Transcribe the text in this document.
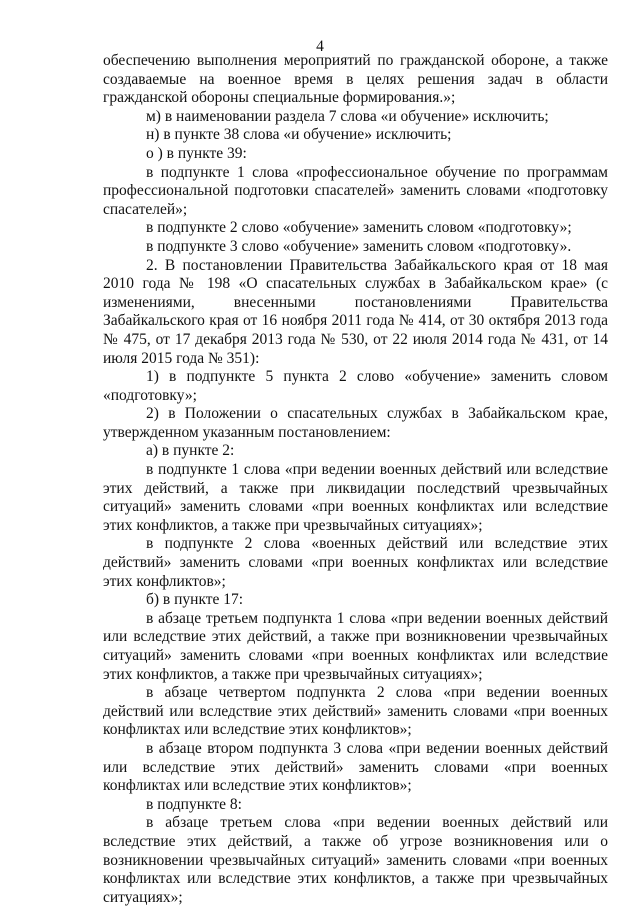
4

обеспечению выполнения мероприятий по гражданской обороне, а также создаваемые на военное время в целях решения задач в области гражданской обороны специальные формирования.»;

м) в наименовании раздела 7 слова «и обучение» исключить;

н) в пункте 38 слова «и обучение» исключить;

о ) в пункте 39:

в подпункте 1 слова «профессиональное обучение по программам профессиональной подготовки спасателей» заменить словами «подготовку спасателей»;

в подпункте 2 слово «обучение» заменить словом «подготовку»;

в подпункте 3 слово «обучение» заменить словом «подготовку».

2. В постановлении Правительства Забайкальского края от 18 мая 2010 года № 198 «О спасательных службах в Забайкальском крае» (с изменениями, внесенными постановлениями Правительства Забайкальского края от 16 ноября 2011 года № 414, от 30 октября 2013 года № 475, от 17 декабря 2013 года № 530, от 22 июля 2014 года № 431, от 14 июля 2015 года № 351):

1) в подпункте 5 пункта 2 слово «обучение» заменить словом «подготовку»;

2) в Положении о спасательных службах в Забайкальском крае, утвержденном указанным постановлением:

а) в пункте 2:

в подпункте 1 слова «при ведении военных действий или вследствие этих действий, а также при ликвидации последствий чрезвычайных ситуаций» заменить словами «при военных конфликтах или вследствие этих конфликтов, а также при чрезвычайных ситуациях»;

в подпункте 2 слова «военных действий или вследствие этих действий» заменить словами «при военных конфликтах или вследствие этих конфликтов»;

б) в пункте 17:

в абзаце третьем подпункта 1 слова «при ведении военных действий или вследствие этих действий, а также при возникновении чрезвычайных ситуаций» заменить словами «при военных конфликтах или вследствие этих конфликтов, а также при чрезвычайных ситуациях»;

в абзаце четвертом подпункта 2 слова «при ведении военных действий или вследствие этих действий» заменить словами «при военных конфликтах или вследствие этих конфликтов»;

в абзаце втором подпункта 3 слова «при ведении военных действий или вследствие этих действий» заменить словами «при военных конфликтах или вследствие этих конфликтов»;

в подпункте 8:

в абзаце третьем слова «при ведении военных действий или вследствие этих действий, а также об угрозе возникновения или о возникновении чрезвычайных ситуаций» заменить словами «при военных конфликтах или вследствие этих конфликтов, а также при чрезвычайных ситуациях»;
